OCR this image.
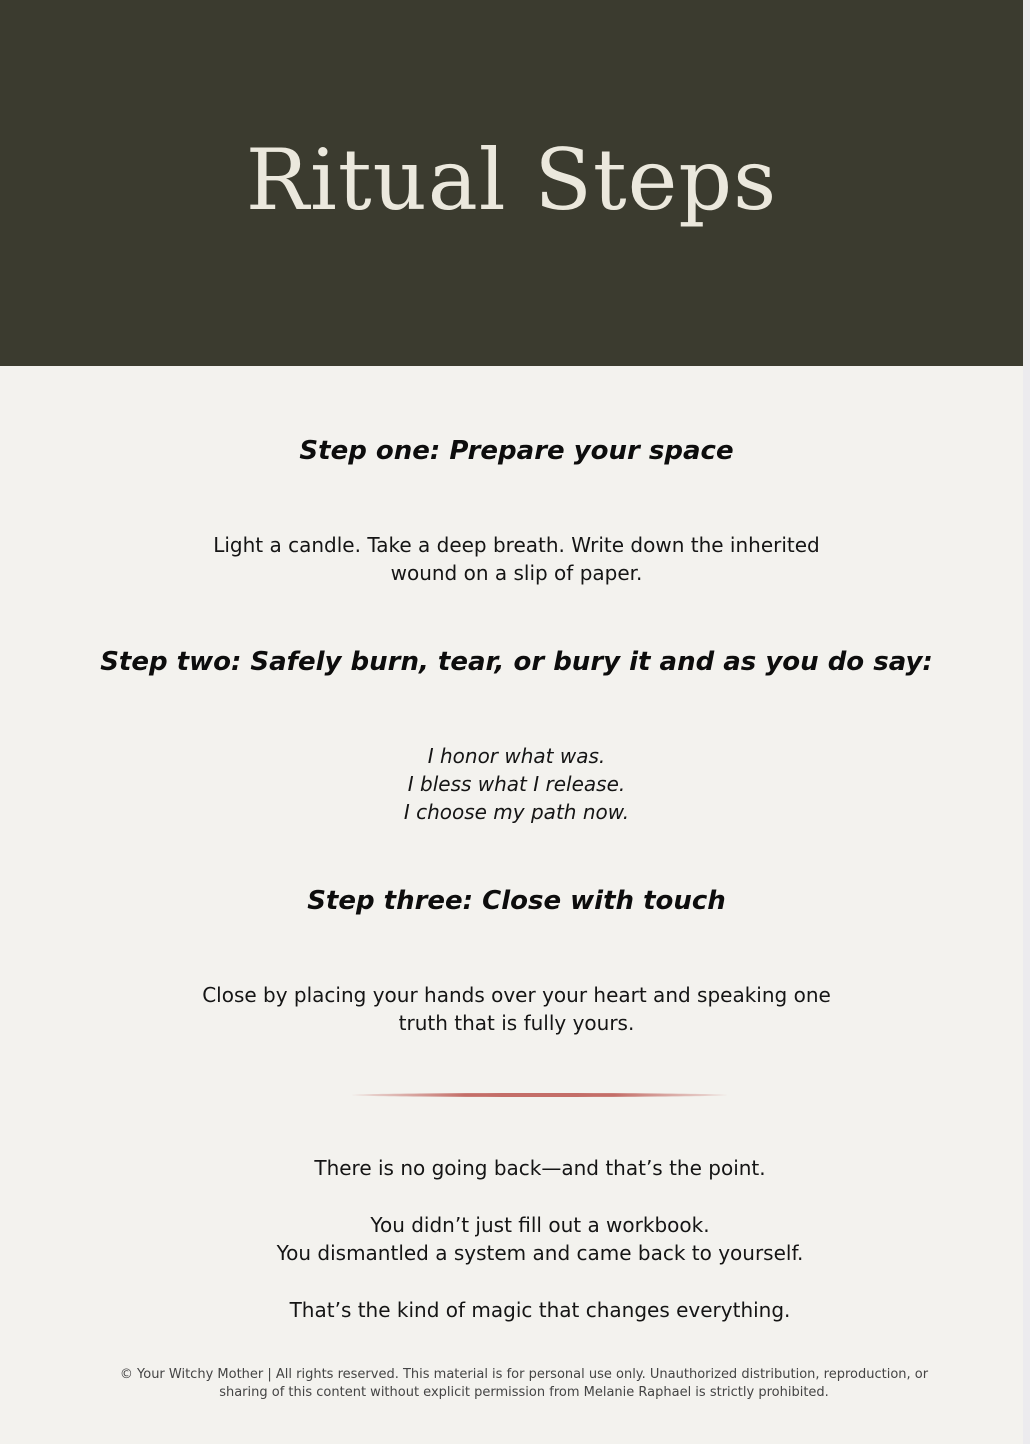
Ritual Steps
Step one: Prepare your space
Light a candle. Take a deep breath. Write down the inherited
wound on a slip of paper.
Step two: Safely burn, tear, or bury it and as you do say:
I honor what was.
I bless what I release.
I choose my path now.
Step three: Close with touch
Close by placing your hands over your heart and speaking one
truth that is fully yours.

There is no going back—and that’s the point.

You didn’t just fill out a workbook.

You dismantled a system and came back to yourself.

That’s the kind of magic that changes everything.

© Your Witchy Mother | All rights reserved. This material is for personal use only. Unauthorized distribution, reproduction, or
sharing of this content without explicit permission from Melanie Raphael is strictly prohibited.
